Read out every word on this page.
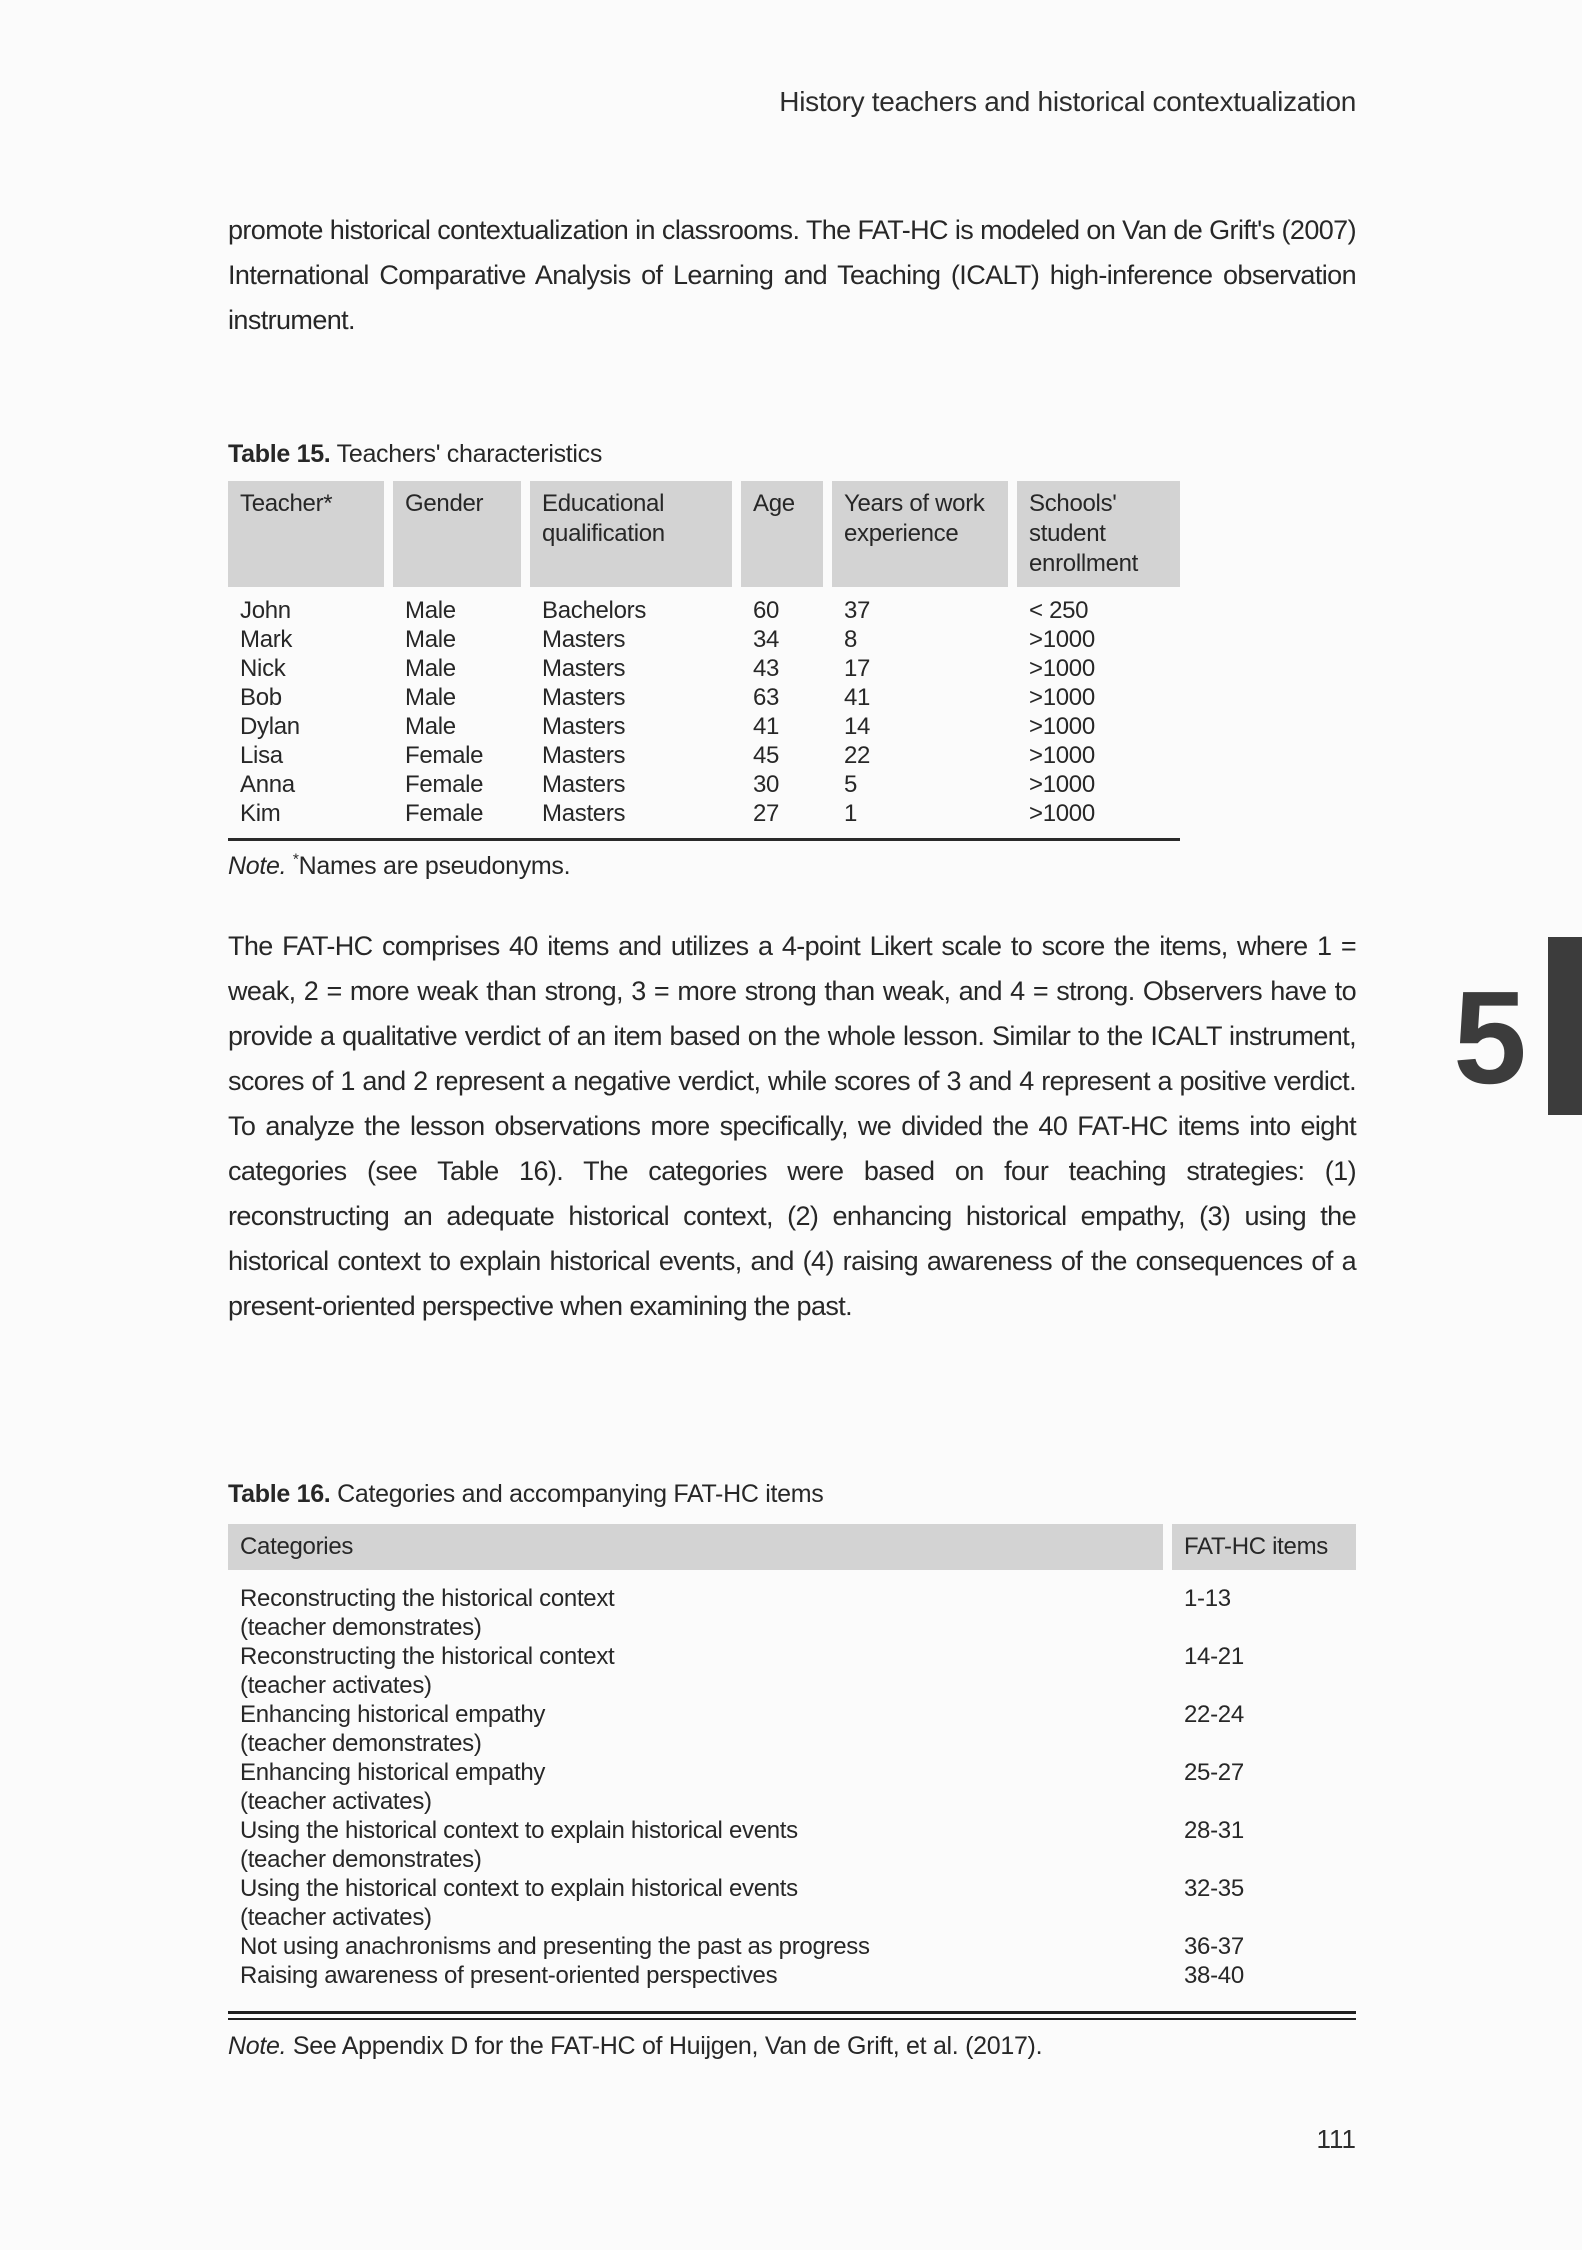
History teachers and historical contextualization

promote historical contextualization in classrooms. The FAT-HC is modeled on Van de Grift's (2007) International Comparative Analysis of Learning and Teaching (ICALT) high-inference observation instrument.

Table 15. Teachers' characteristics
Teacher*	Gender	Educational qualification	Age	Years of work experience	Schools' student enrollment
John	Male	Bachelors	60	37	< 250
Mark	Male	Masters	34	8	>1000
Nick	Male	Masters	43	17	>1000
Bob	Male	Masters	63	41	>1000
Dylan	Male	Masters	41	14	>1000
Lisa	Female	Masters	45	22	>1000
Anna	Female	Masters	30	5	>1000
Kim	Female	Masters	27	1	>1000
Note. *Names are pseudonyms.

The FAT-HC comprises 40 items and utilizes a 4-point Likert scale to score the items, where 1 = weak, 2 = more weak than strong, 3 = more strong than weak, and 4 = strong. Observers have to provide a qualitative verdict of an item based on the whole lesson. Similar to the ICALT instrument, scores of 1 and 2 represent a negative verdict, while scores of 3 and 4 represent a positive verdict. To analyze the lesson observations more specifically, we divided the 40 FAT-HC items into eight categories (see Table 16). The categories were based on four teaching strategies: (1) reconstructing an adequate historical context, (2) enhancing historical empathy, (3) using the historical context to explain historical events, and (4) raising awareness of the consequences of a present-oriented perspective when examining the past.

5
Table 16. Categories and accompanying FAT-HC items
Categories	FAT-HC items

Reconstructing the historical context
(teacher demonstrates)	1-13

Reconstructing the historical context
(teacher activates)	14-21

Enhancing historical empathy
(teacher demonstrates)	22-24

Enhancing historical empathy
(teacher activates)	25-27

Using the historical context to explain historical events
(teacher demonstrates)	28-31

Using the historical context to explain historical events
(teacher activates)	32-35

Not using anachronisms and presenting the past as progress	36-37

Raising awareness of present-oriented perspectives	38-40
Note. See Appendix D for the FAT-HC of Huijgen, Van de Grift, et al. (2017).
111
